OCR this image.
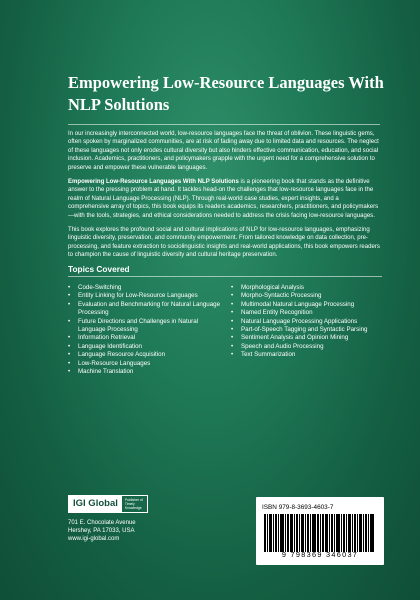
Empowering Low-Resource Languages With NLP Solutions

In our increasingly interconnected world, low-resource languages face the threat of oblivion. These linguistic gems, often spoken by marginalized communities, are at risk of fading away due to limited data and resources. The neglect of these languages not only erodes cultural diversity but also hinders effective communication, education, and social inclusion. Academics, practitioners, and policymakers grapple with the urgent need for a comprehensive solution to preserve and empower these vulnerable languages.

Empowering Low-Resource Languages With NLP Solutions is a pioneering book that stands as the definitive answer to the pressing problem at hand. It tackles head-on the challenges that low-resource languages face in the realm of Natural Language Processing (NLP). Through real-world case studies, expert insights, and a comprehensive array of topics, this book equips its readers academics, researchers, practitioners, and policymakers—with the tools, strategies, and ethical considerations needed to address the crisis facing low-resource languages.

This book explores the profound social and cultural implications of NLP for low-resource languages, emphasizing linguistic diversity, preservation, and community empowerment. From tailored knowledge on data collection, pre-processing, and feature extraction to sociolinguistic insights and real-world applications, this book empowers readers to champion the cause of linguistic diversity and cultural heritage preservation.

Topics Covered
• Code-Switching
• Entity Linking for Low-Resource Languages
• Evaluation and Benchmarking for Natural Language Processing
• Future Directions and Challenges in Natural Language Processing
• Information Retrieval
• Language Identification
• Language Resource Acquisition
• Low-Resource Languages
• Machine Translation
• Morphological Analysis
• Morpho-Syntactic Processing
• Multimodal Natural Language Processing
• Named Entity Recognition
• Natural Language Processing Applications
• Part-of-Speech Tagging and Syntactic Parsing
• Sentiment Analysis and Opinion Mining
• Speech and Audio Processing
• Text Summarization
IGI Global	Publisher of Timely Knowledge

701 E. Chocolate Avenue

Hershey, PA 17033, USA

www.igi-global.com

ISBN 979-8-3693-4603-7
9 798369 346037
